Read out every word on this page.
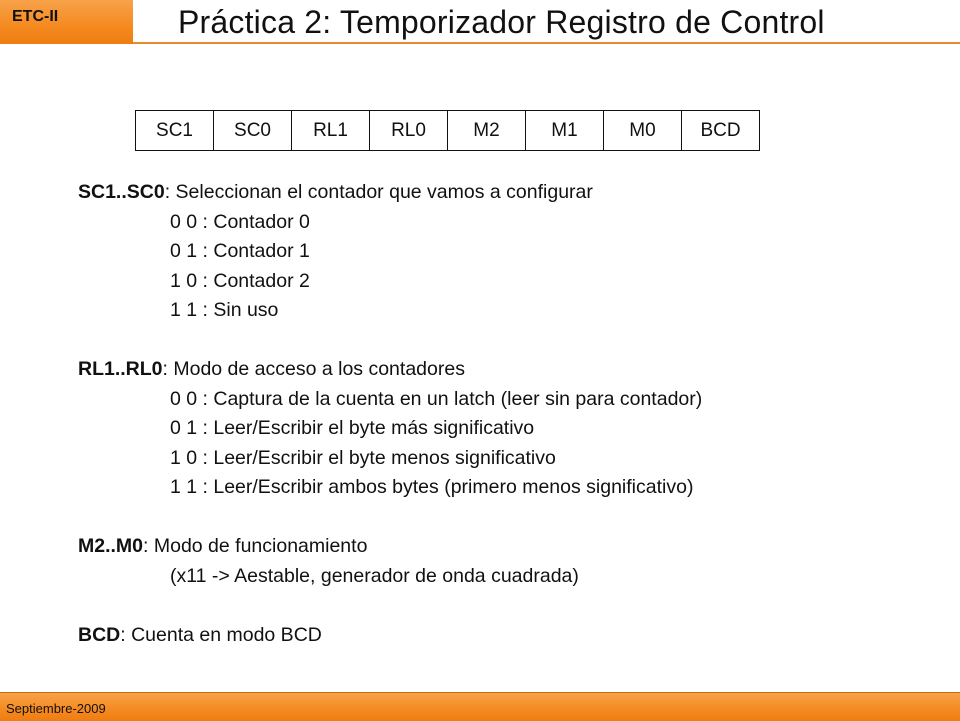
ETC-II	Práctica 2: Temporizador Registro de Control
SC1	SC0	RL1	RL0	M2	M1	M0	BCD
SC1..SC0: Seleccionan el contador que vamos a configurar
0 0 : Contador 0
0 1 : Contador 1
1 0 : Contador 2
1 1 : Sin uso
RL1..RL0: Modo de acceso a los contadores
0 0 : Captura de la cuenta en un latch (leer sin para contador)
0 1 : Leer/Escribir el byte más significativo
1 0 : Leer/Escribir el byte menos significativo
1 1 : Leer/Escribir ambos bytes (primero menos significativo)
M2..M0: Modo de funcionamiento
(x11 -> Aestable, generador de onda cuadrada)
BCD: Cuenta en modo BCD
Septiembre-2009
